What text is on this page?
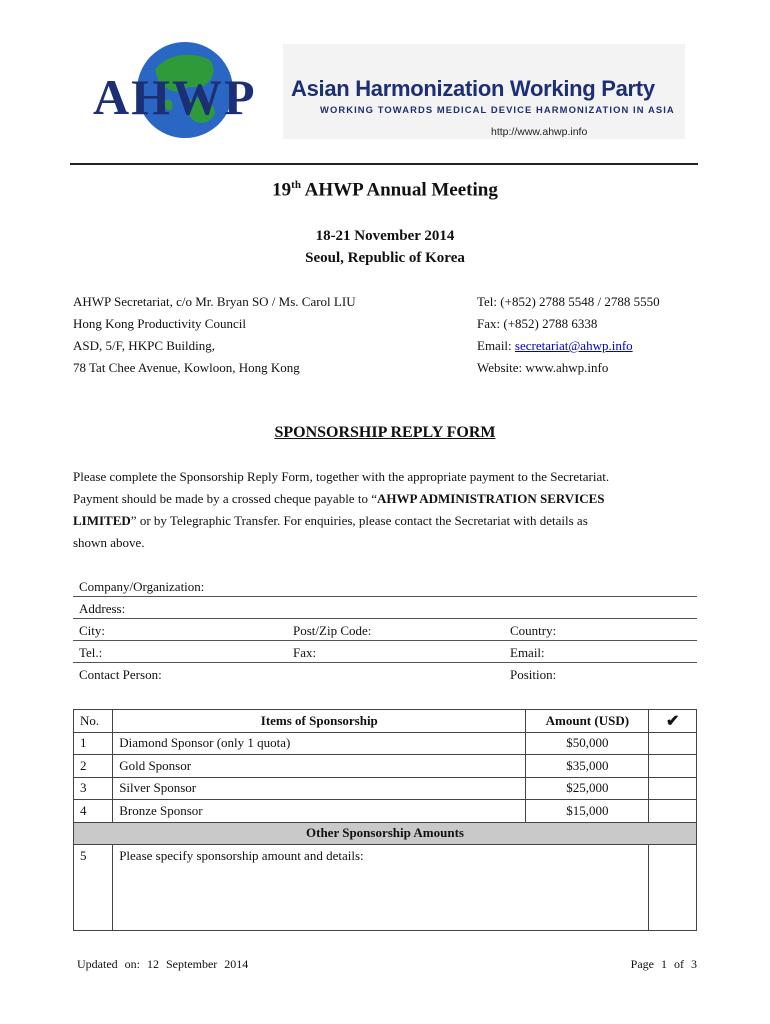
AHWP Asian Harmonization Working Party
WORKING TOWARDS MEDICAL DEVICE HARMONIZATION IN ASIA
http://www.ahwp.info
19th AHWP Annual Meeting
18-21 November 2014
Seoul, Republic of Korea
AHWP Secretariat, c/o Mr. Bryan SO / Ms. Carol LIU
Hong Kong Productivity Council
ASD, 5/F, HKPC Building,
78 Tat Chee Avenue, Kowloon, Hong Kong
Tel: (+852) 2788 5548 / 2788 5550
Fax: (+852) 2788 6338
Email: secretariat@ahwp.info
Website: www.ahwp.info
SPONSORSHIP REPLY FORM
Please complete the Sponsorship Reply Form, together with the appropriate payment to the Secretariat.
Payment should be made by a crossed cheque payable to “AHWP ADMINISTRATION SERVICES
LIMITED” or by Telegraphic Transfer. For enquiries, please contact the Secretariat with details as
shown above.
Company/Organization:
Address:
City:	Post/Zip Code:	Country:
Tel.:	Fax:	Email:
Contact Person:	Position:
No.	Items of Sponsorship	Amount (USD)	✔
1	Diamond Sponsor (only 1 quota)	$50,000	
2	Gold Sponsor	$35,000	
3	Silver Sponsor	$25,000	
4	Bronze Sponsor	$15,000	
Other Sponsorship Amounts			
5	Please specify sponsorship amount and details:		
Updated on: 12 September 2014	Page 1 of 3
